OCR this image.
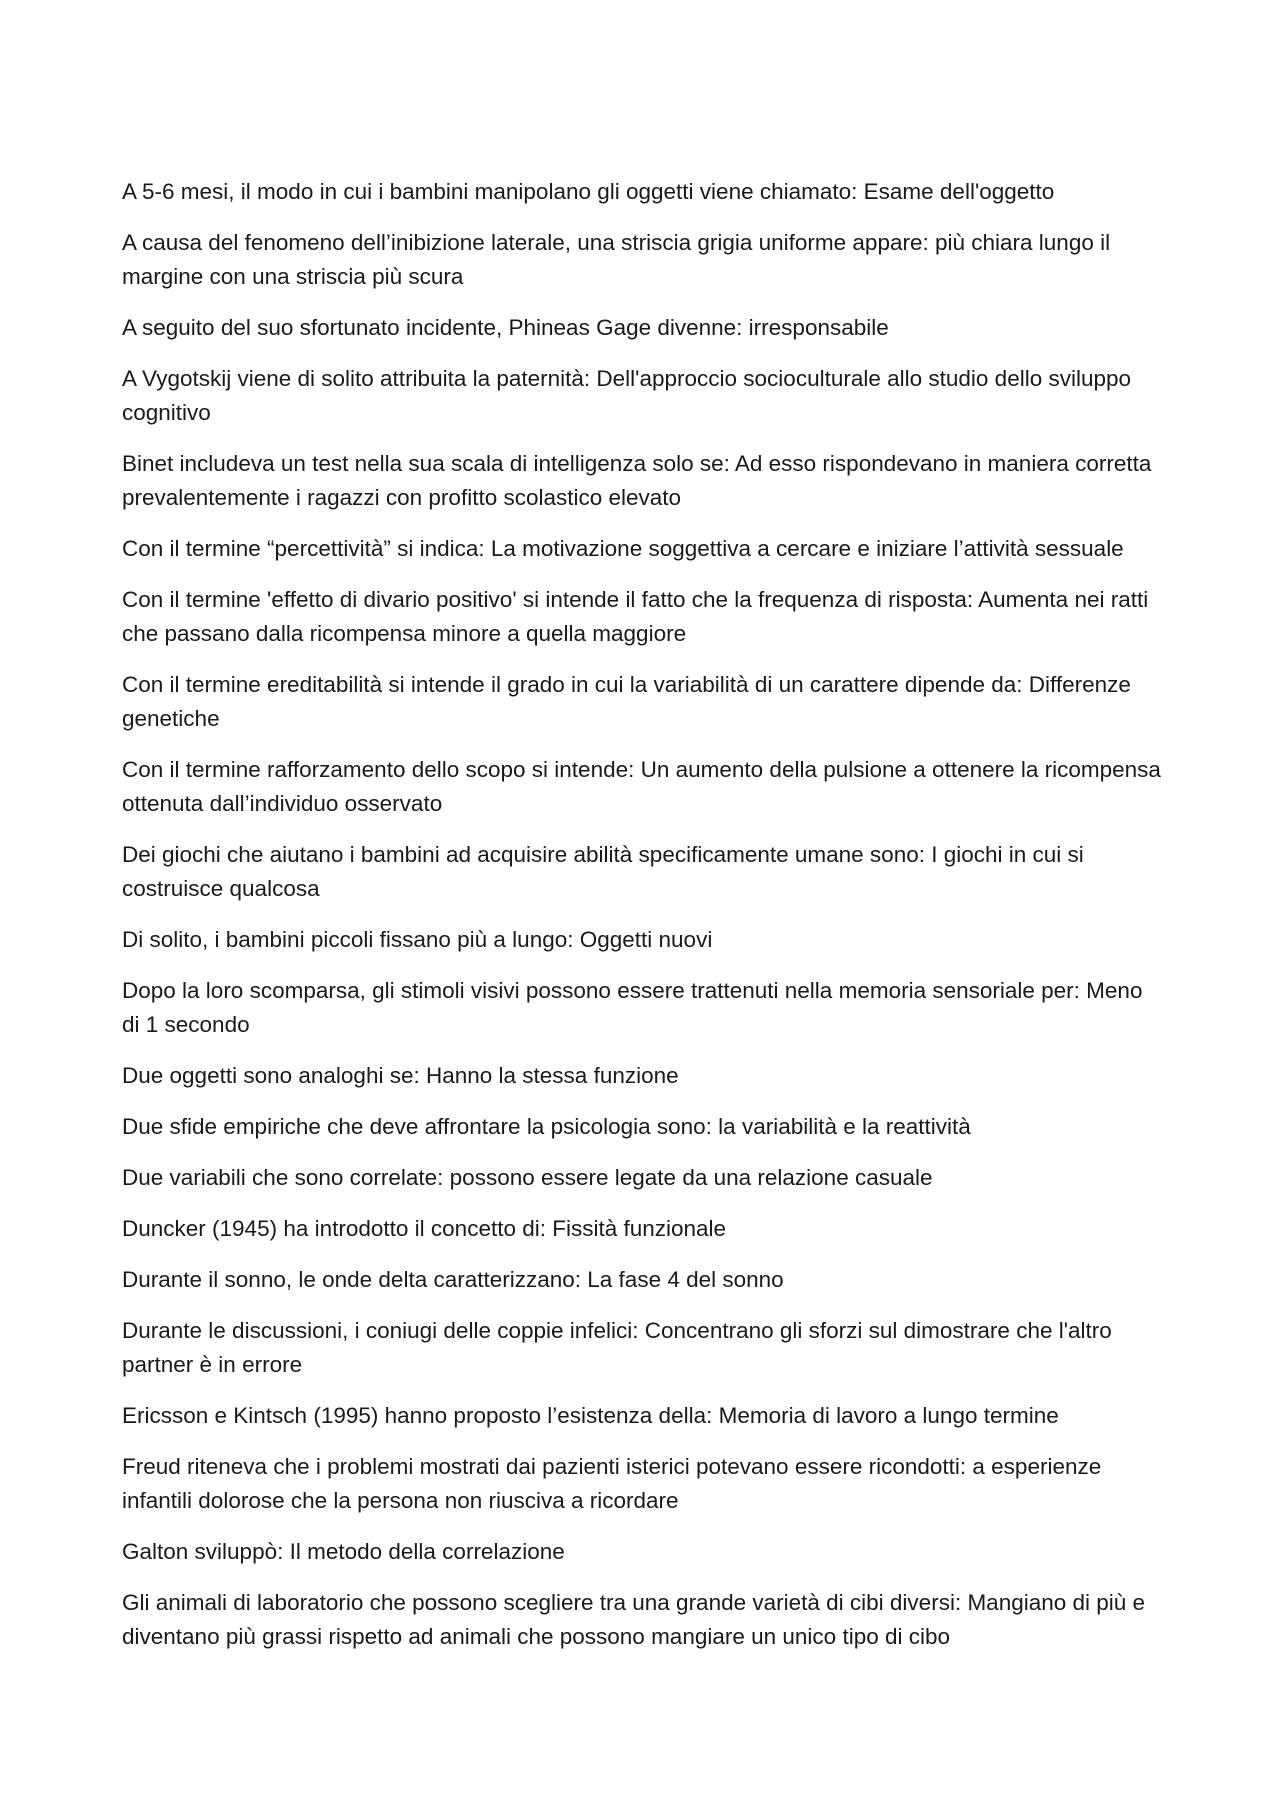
A 5-6 mesi, il modo in cui i bambini manipolano gli oggetti viene chiamato: Esame dell'oggetto

A causa del fenomeno dell’inibizione laterale, una striscia grigia uniforme appare: più chiara lungo il margine con una striscia più scura

A seguito del suo sfortunato incidente, Phineas Gage divenne: irresponsabile

A Vygotskij viene di solito attribuita la paternità: Dell'approccio socioculturale allo studio dello sviluppo cognitivo

Binet includeva un test nella sua scala di intelligenza solo se: Ad esso rispondevano in maniera corretta prevalentemente i ragazzi con profitto scolastico elevato

Con il termine “percettività” si indica: La motivazione soggettiva a cercare e iniziare l’attività sessuale

Con il termine 'effetto di divario positivo' si intende il fatto che la frequenza di risposta: Aumenta nei ratti che passano dalla ricompensa minore a quella maggiore

Con il termine ereditabilità si intende il grado in cui la variabilità di un carattere dipende da: Differenze genetiche

Con il termine rafforzamento dello scopo si intende: Un aumento della pulsione a ottenere la ricompensa ottenuta dall’individuo osservato

Dei giochi che aiutano i bambini ad acquisire abilità specificamente umane sono: I giochi in cui si costruisce qualcosa

Di solito, i bambini piccoli fissano più a lungo: Oggetti nuovi

Dopo la loro scomparsa, gli stimoli visivi possono essere trattenuti nella memoria sensoriale per: Meno di 1 secondo

Due oggetti sono analoghi se: Hanno la stessa funzione

Due sfide empiriche che deve affrontare la psicologia sono: la variabilità e la reattività

Due variabili che sono correlate: possono essere legate da una relazione casuale

Duncker (1945) ha introdotto il concetto di: Fissità funzionale

Durante il sonno, le onde delta caratterizzano: La fase 4 del sonno

Durante le discussioni, i coniugi delle coppie infelici: Concentrano gli sforzi sul dimostrare che l'altro partner è in errore

Ericsson e Kintsch (1995) hanno proposto l’esistenza della: Memoria di lavoro a lungo termine

Freud riteneva che i problemi mostrati dai pazienti isterici potevano essere ricondotti: a esperienze infantili dolorose che la persona non riusciva a ricordare

Galton sviluppò: Il metodo della correlazione

Gli animali di laboratorio che possono scegliere tra una grande varietà di cibi diversi: Mangiano di più e diventano più grassi rispetto ad animali che possono mangiare un unico tipo di cibo
